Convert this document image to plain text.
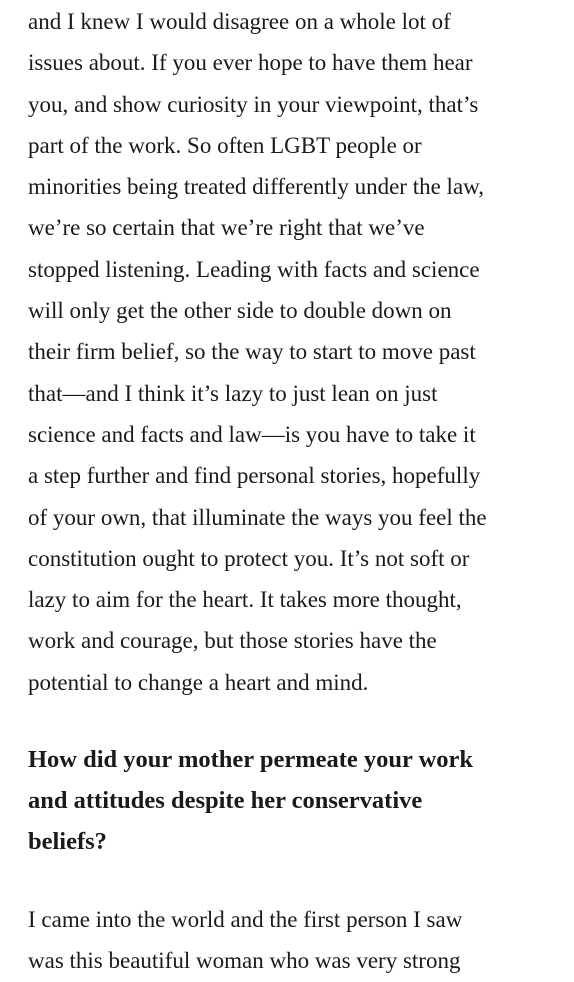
and I knew I would disagree on a whole lot of
issues about. If you ever hope to have them hear
you, and show curiosity in your viewpoint, that’s
part of the work. So often LGBT people or
minorities being treated differently under the law,
we’re so certain that we’re right that we’ve
stopped listening. Leading with facts and science
will only get the other side to double down on
their firm belief, so the way to start to move past
that—and I think it’s lazy to just lean on just
science and facts and law—is you have to take it
a step further and find personal stories, hopefully
of your own, that illuminate the ways you feel the
constitution ought to protect you. It’s not soft or
lazy to aim for the heart. It takes more thought,
work and courage, but those stories have the
potential to change a heart and mind.

How did your mother permeate your work
and attitudes despite her conservative
beliefs?

I came into the world and the first person I saw
was this beautiful woman who was very strong
